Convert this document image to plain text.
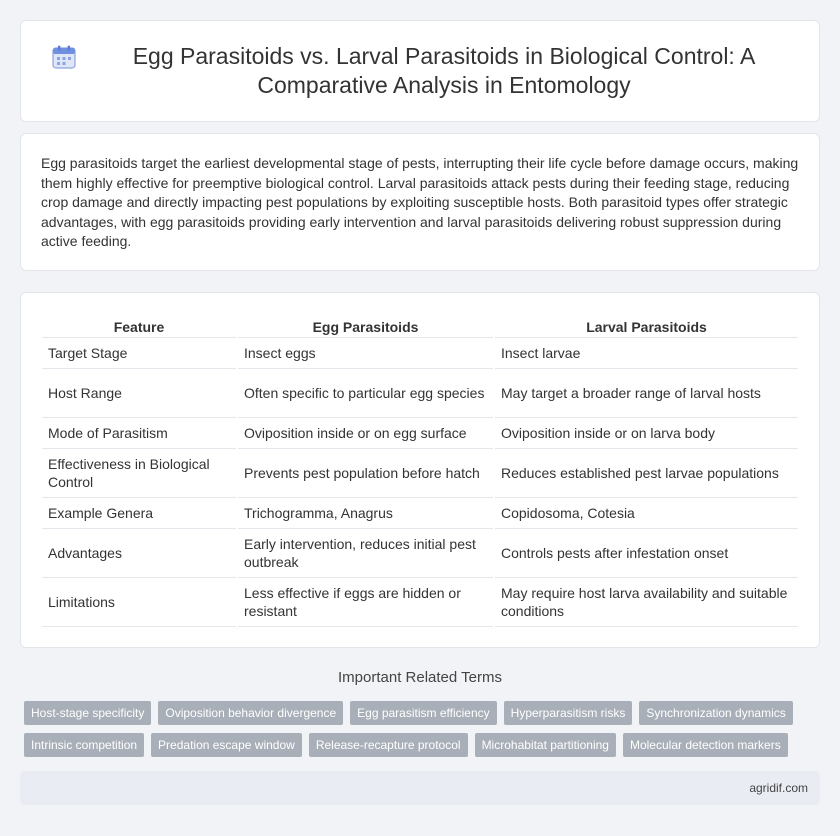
Egg Parasitoids vs. Larval Parasitoids in Biological Control: A Comparative Analysis in Entomology

Egg parasitoids target the earliest developmental stage of pests, interrupting their life cycle before damage occurs, making them highly effective for preemptive biological control. Larval parasitoids attack pests during their feeding stage, reducing crop damage and directly impacting pest populations by exploiting susceptible hosts. Both parasitoid types offer strategic advantages, with egg parasitoids providing early intervention and larval parasitoids delivering robust suppression during active feeding.

Feature	Egg Parasitoids	Larval Parasitoids
Target Stage	Insect eggs	Insect larvae
Host Range	Often specific to particular egg species	May target a broader range of larval hosts
Mode of Parasitism	Oviposition inside or on egg surface	Oviposition inside or on larva body
Effectiveness in Biological Control	Prevents pest population before hatch	Reduces established pest larvae populations
Example Genera	Trichogramma, Anagrus	Copidosoma, Cotesia
Advantages	Early intervention, reduces initial pest outbreak	Controls pests after infestation onset
Limitations	Less effective if eggs are hidden or resistant	May require host larva availability and suitable conditions
Important Related Terms
Host-stage specificity	Oviposition behavior divergence	Egg parasitism efficiency	Hyperparasitism risks	Synchronization dynamics
Intrinsic competition	Predation escape window	Release-recapture protocol	Microhabitat partitioning	Molecular detection markers
agridif.com
